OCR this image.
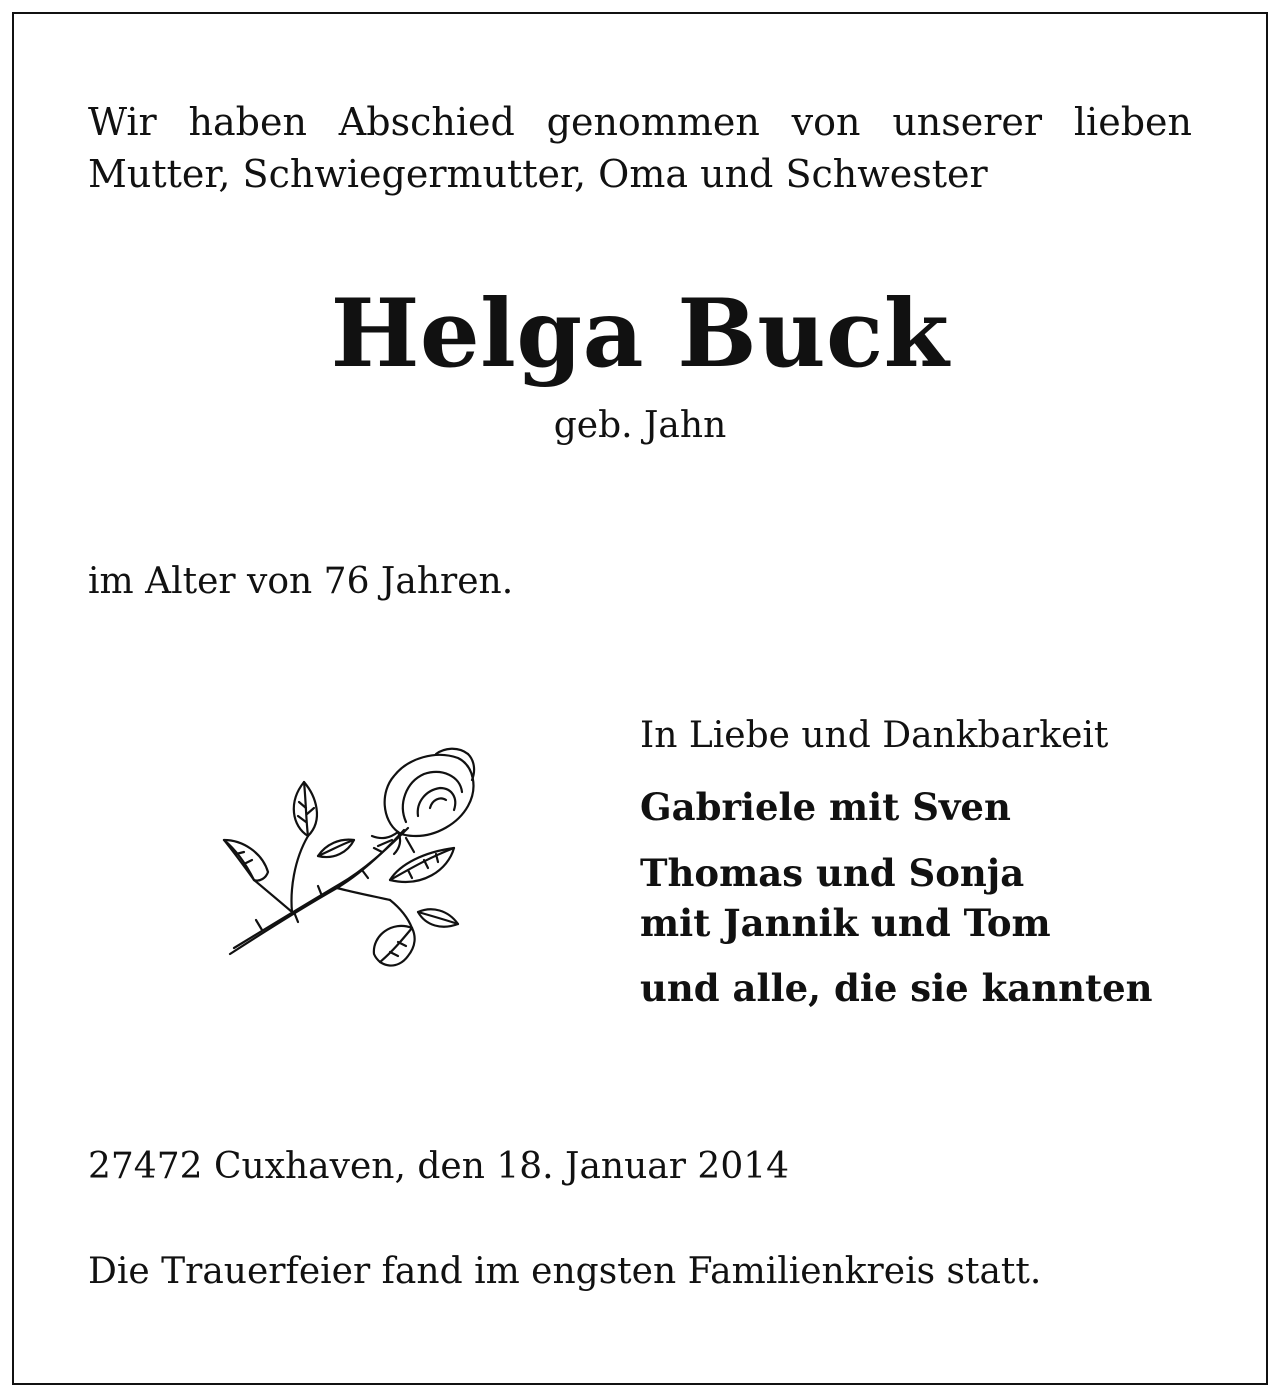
Wir haben Abschied genommen von unserer lieben
Mutter, Schwiegermutter, Oma und Schwester

Helga Buck

geb. Jahn

im Alter von 76 Jahren.

In Liebe und Dankbarkeit

Gabriele mit Sven

Thomas und Sonja

mit Jannik und Tom

und alle, die sie kannten

27472 Cuxhaven, den 18. Januar 2014

Die Trauerfeier fand im engsten Familienkreis statt.
